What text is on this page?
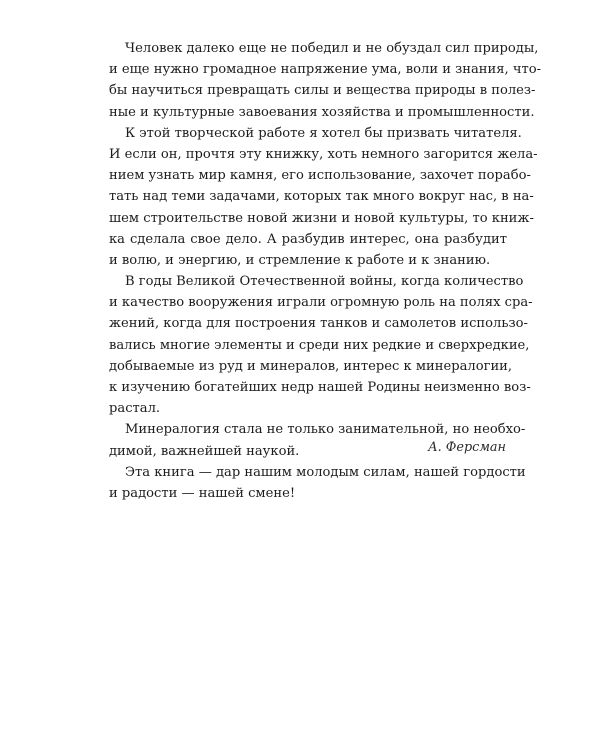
Человек далеко еще не победил и не обуздал сил природы,
и еще нужно громадное напряжение ума, воли и знания, что-
бы научиться превращать силы и вещества природы в полез-
ные и культурные завоевания хозяйства и промышленности.
К этой творческой работе я хотел бы призвать читателя.
И если он, прочтя эту книжку, хоть немного загорится жела-
нием узнать мир камня, его использование, захочет порабо-
тать над теми задачами, которых так много вокруг нас, в на-
шем строительстве новой жизни и новой культуры, то книж-
ка сделала свое дело. А разбудив интерес, она разбудит
и волю, и энергию, и стремление к работе и к знанию.
В годы Великой Отечественной войны, когда количество
и качество вооружения играли огромную роль на полях сра-
жений, когда для построения танков и самолетов использо-
вались многие элементы и среди них редкие и сверхредкие,
добываемые из руд и минералов, интерес к минералогии,
к изучению богатейших недр нашей Родины неизменно воз-
растал.
Минералогия стала не только занимательной, но необхо-
димой, важнейшей наукой.
Эта книга — дар нашим молодым силам, нашей гордости
и радости — нашей смене!
А. Ферсман
